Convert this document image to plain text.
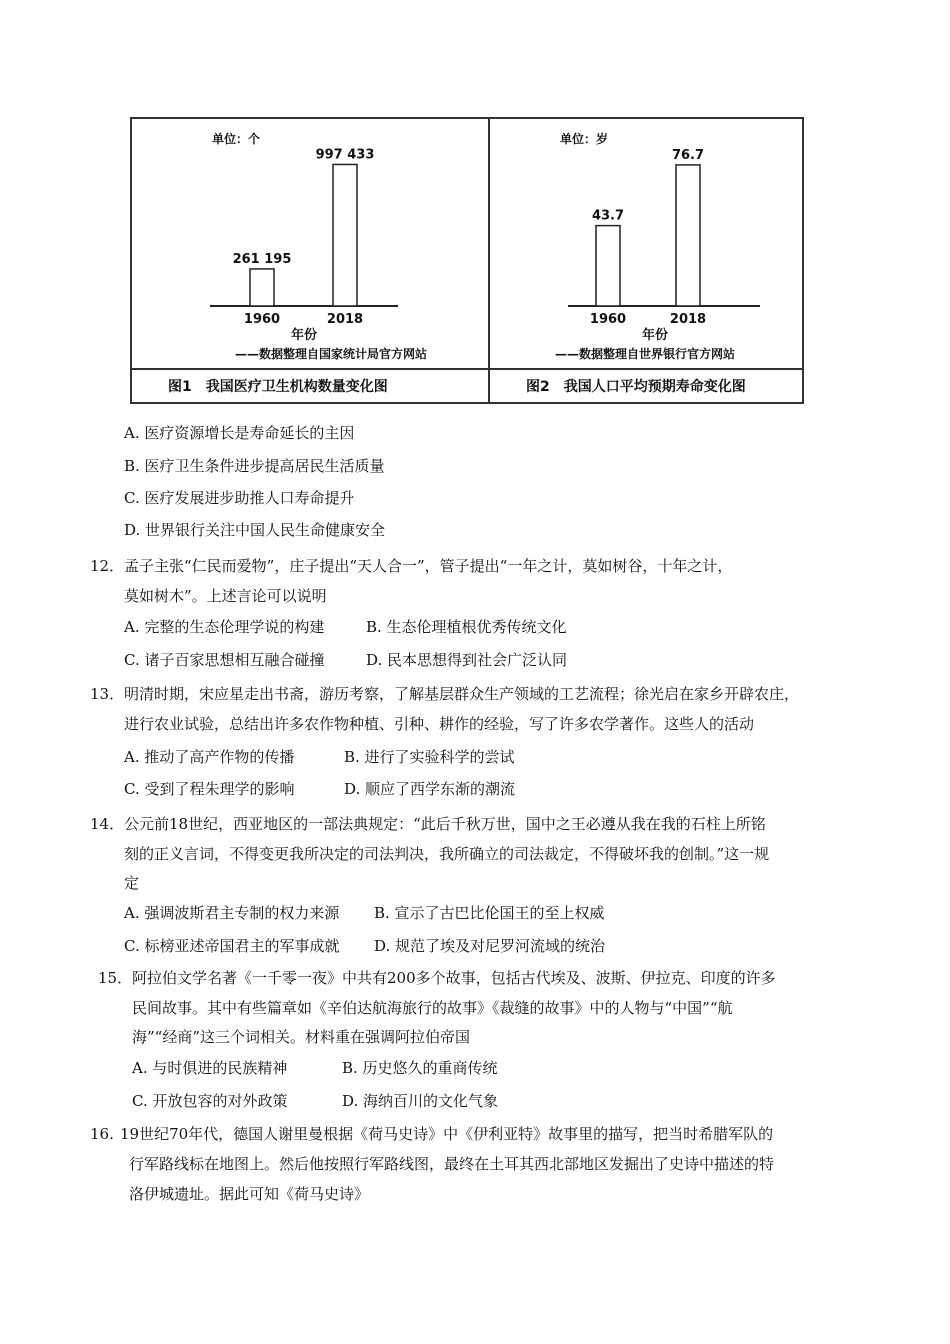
单位：个
261 195
1960
997 433
2018
年份
——数据整理自国家统计局官方网站
图1 我国医疗卫生机构数量变化图
单位：岁
43.7
1960
76.7
2018
年份
——数据整理自世界银行官方网站
图2 我国人口平均预期寿命变化图
A. 医疗资源增长是寿命延长的主因
B. 医疗卫生条件进步提高居民生活质量
C. 医疗发展进步助推人口寿命提升
D. 世界银行关注中国人民生命健康安全
12． 孟子主张“仁民而爱物”，庄子提出“天人合一”，管子提出“一年之计，莫如树谷，十年之计，
莫如树木”。上述言论可以说明
A. 完整的生态伦理学说的构建	B. 生态伦理植根优秀传统文化
C. 诸子百家思想相互融合碰撞	D. 民本思想得到社会广泛认同
13． 明清时期，宋应星走出书斋，游历考察，了解基层群众生产领域的工艺流程；徐光启在家乡开辟农庄，
进行农业试验，总结出许多农作物种植、引种、耕作的经验，写了许多农学著作。这些人的活动
A. 推动了高产作物的传播	B. 进行了实验科学的尝试
C. 受到了程朱理学的影响	D. 顺应了西学东渐的潮流
14． 公元前18世纪，西亚地区的一部法典规定：“此后千秋万世，国中之王必遵从我在我的石柱上所铭
刻的正义言词，不得变更我所决定的司法判决，我所确立的司法裁定，不得破坏我的创制。”这一规
定
A. 强调波斯君主专制的权力来源 B. 宣示了古巴比伦国王的至上权威
C. 标榜亚述帝国君主的军事成就 D. 规范了埃及对尼罗河流域的统治
15． 阿拉伯文学名著《一千零一夜》中共有200多个故事，包括古代埃及、波斯、伊拉克、印度的许多
民间故事。其中有些篇章如《辛伯达航海旅行的故事》《裁缝的故事》中的人物与“中国”“航
海”“经商”这三个词相关。材料重在强调阿拉伯帝国
A. 与时俱进的民族精神	B. 历史悠久的重商传统
C. 开放包容的对外政策	D. 海纳百川的文化气象
16. 19世纪70年代，德国人谢里曼根据《荷马史诗》中《伊利亚特》故事里的描写，把当时希腊军队的
行军路线标在地图上。然后他按照行军路线图，最终在土耳其西北部地区发掘出了史诗中描述的特
洛伊城遗址。据此可知《荷马史诗》
